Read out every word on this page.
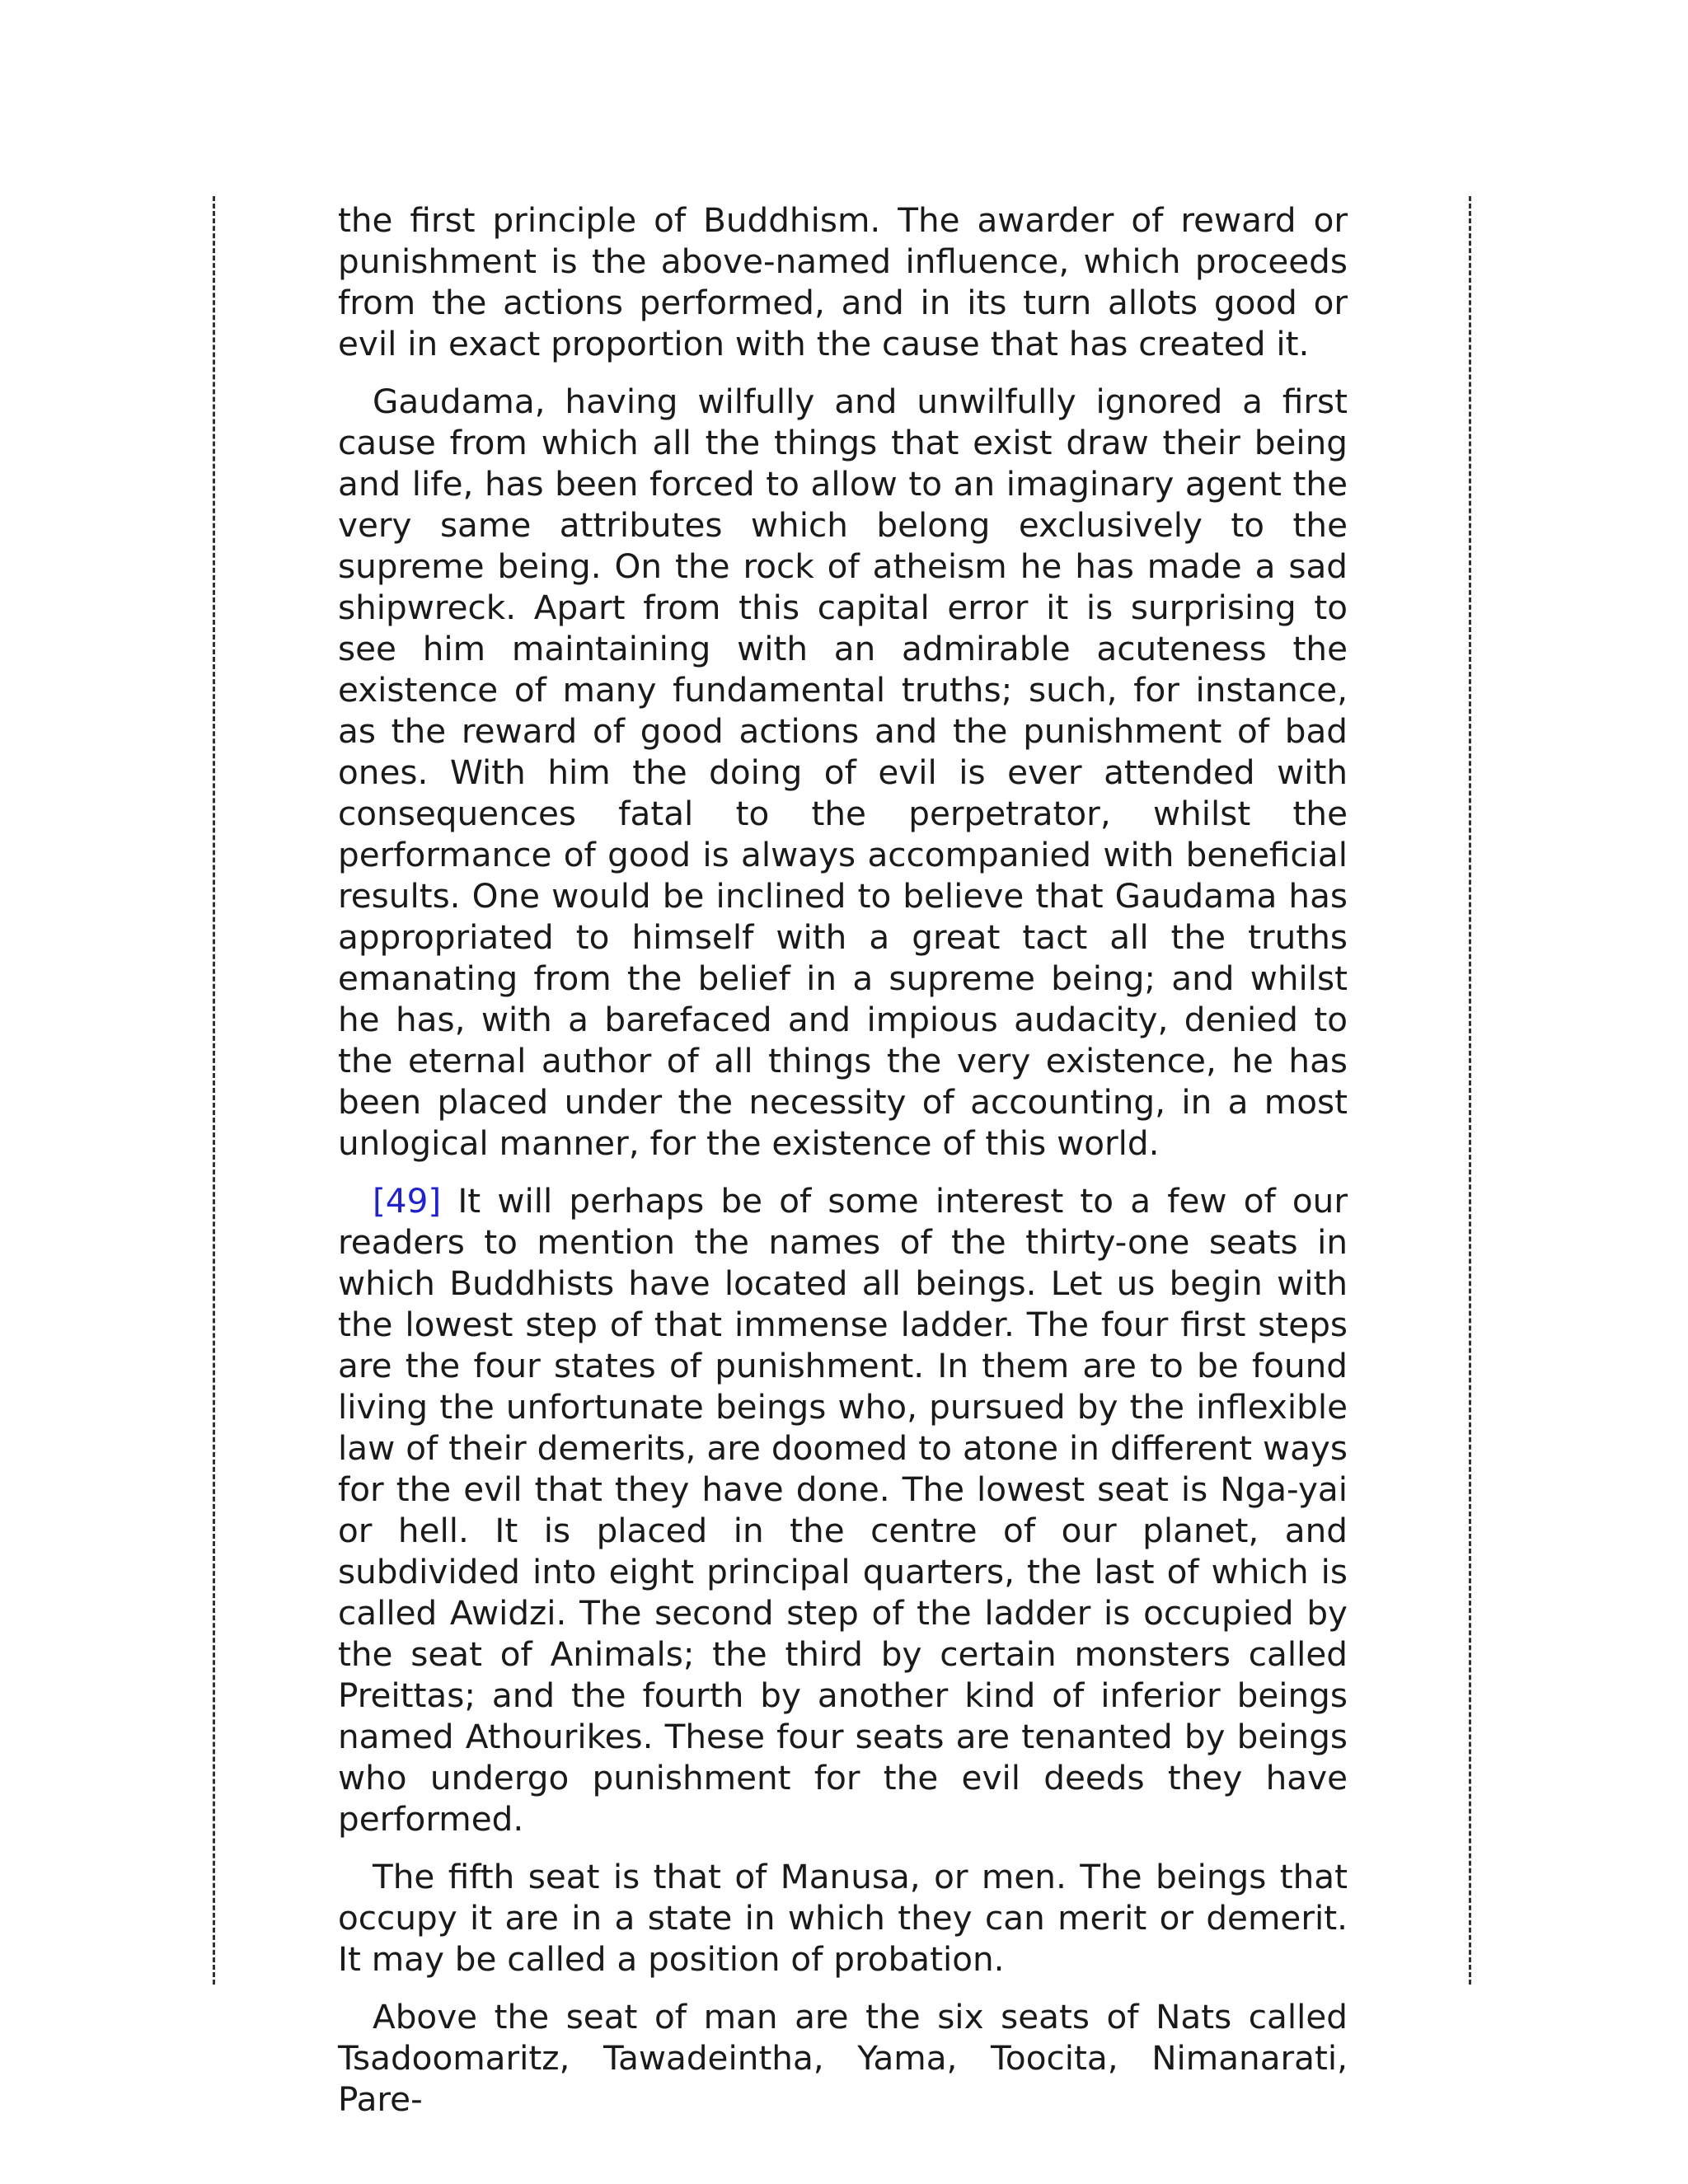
the first principle of Buddhism. The awarder of reward or punishment is the above-named influence, which proceeds from the actions performed, and in its turn allots good or evil in exact proportion with the cause that has created it.

Gaudama, having wilfully and unwilfully ignored a first cause from which all the things that exist draw their being and life, has been forced to allow to an imaginary agent the very same attributes which belong exclusively to the supreme being. On the rock of atheism he has made a sad shipwreck. Apart from this capital error it is surprising to see him maintaining with an admirable acuteness the existence of many fundamental truths; such, for instance, as the reward of good actions and the punishment of bad ones. With him the doing of evil is ever attended with consequences fatal to the perpetrator, whilst the performance of good is always accompanied with beneficial results. One would be inclined to believe that Gaudama has appropriated to himself with a great tact all the truths emanating from the belief in a supreme being; and whilst he has, with a barefaced and impious audacity, denied to the eternal author of all things the very existence, he has been placed under the necessity of accounting, in a most unlogical manner, for the existence of this world.

[49] It will perhaps be of some interest to a few of our readers to mention the names of the thirty-one seats in which Buddhists have located all beings. Let us begin with the lowest step of that immense ladder. The four first steps are the four states of punishment. In them are to be found living the unfortunate beings who, pursued by the inflexible law of their demerits, are doomed to atone in different ways for the evil that they have done. The lowest seat is Nga-yai or hell. It is placed in the centre of our planet, and subdivided into eight principal quarters, the last of which is called Awidzi. The second step of the ladder is occupied by the seat of Animals; the third by certain monsters called Preittas; and the fourth by another kind of inferior beings named Athourikes. These four seats are tenanted by beings who undergo punishment for the evil deeds they have performed.

The fifth seat is that of Manusa, or men. The beings that occupy it are in a state in which they can merit or demerit. It may be called a position of probation.

Above the seat of man are the six seats of Nats called Tsadoomaritz, Tawadeintha, Yama, Toocita, Nimanarati, Pare-
